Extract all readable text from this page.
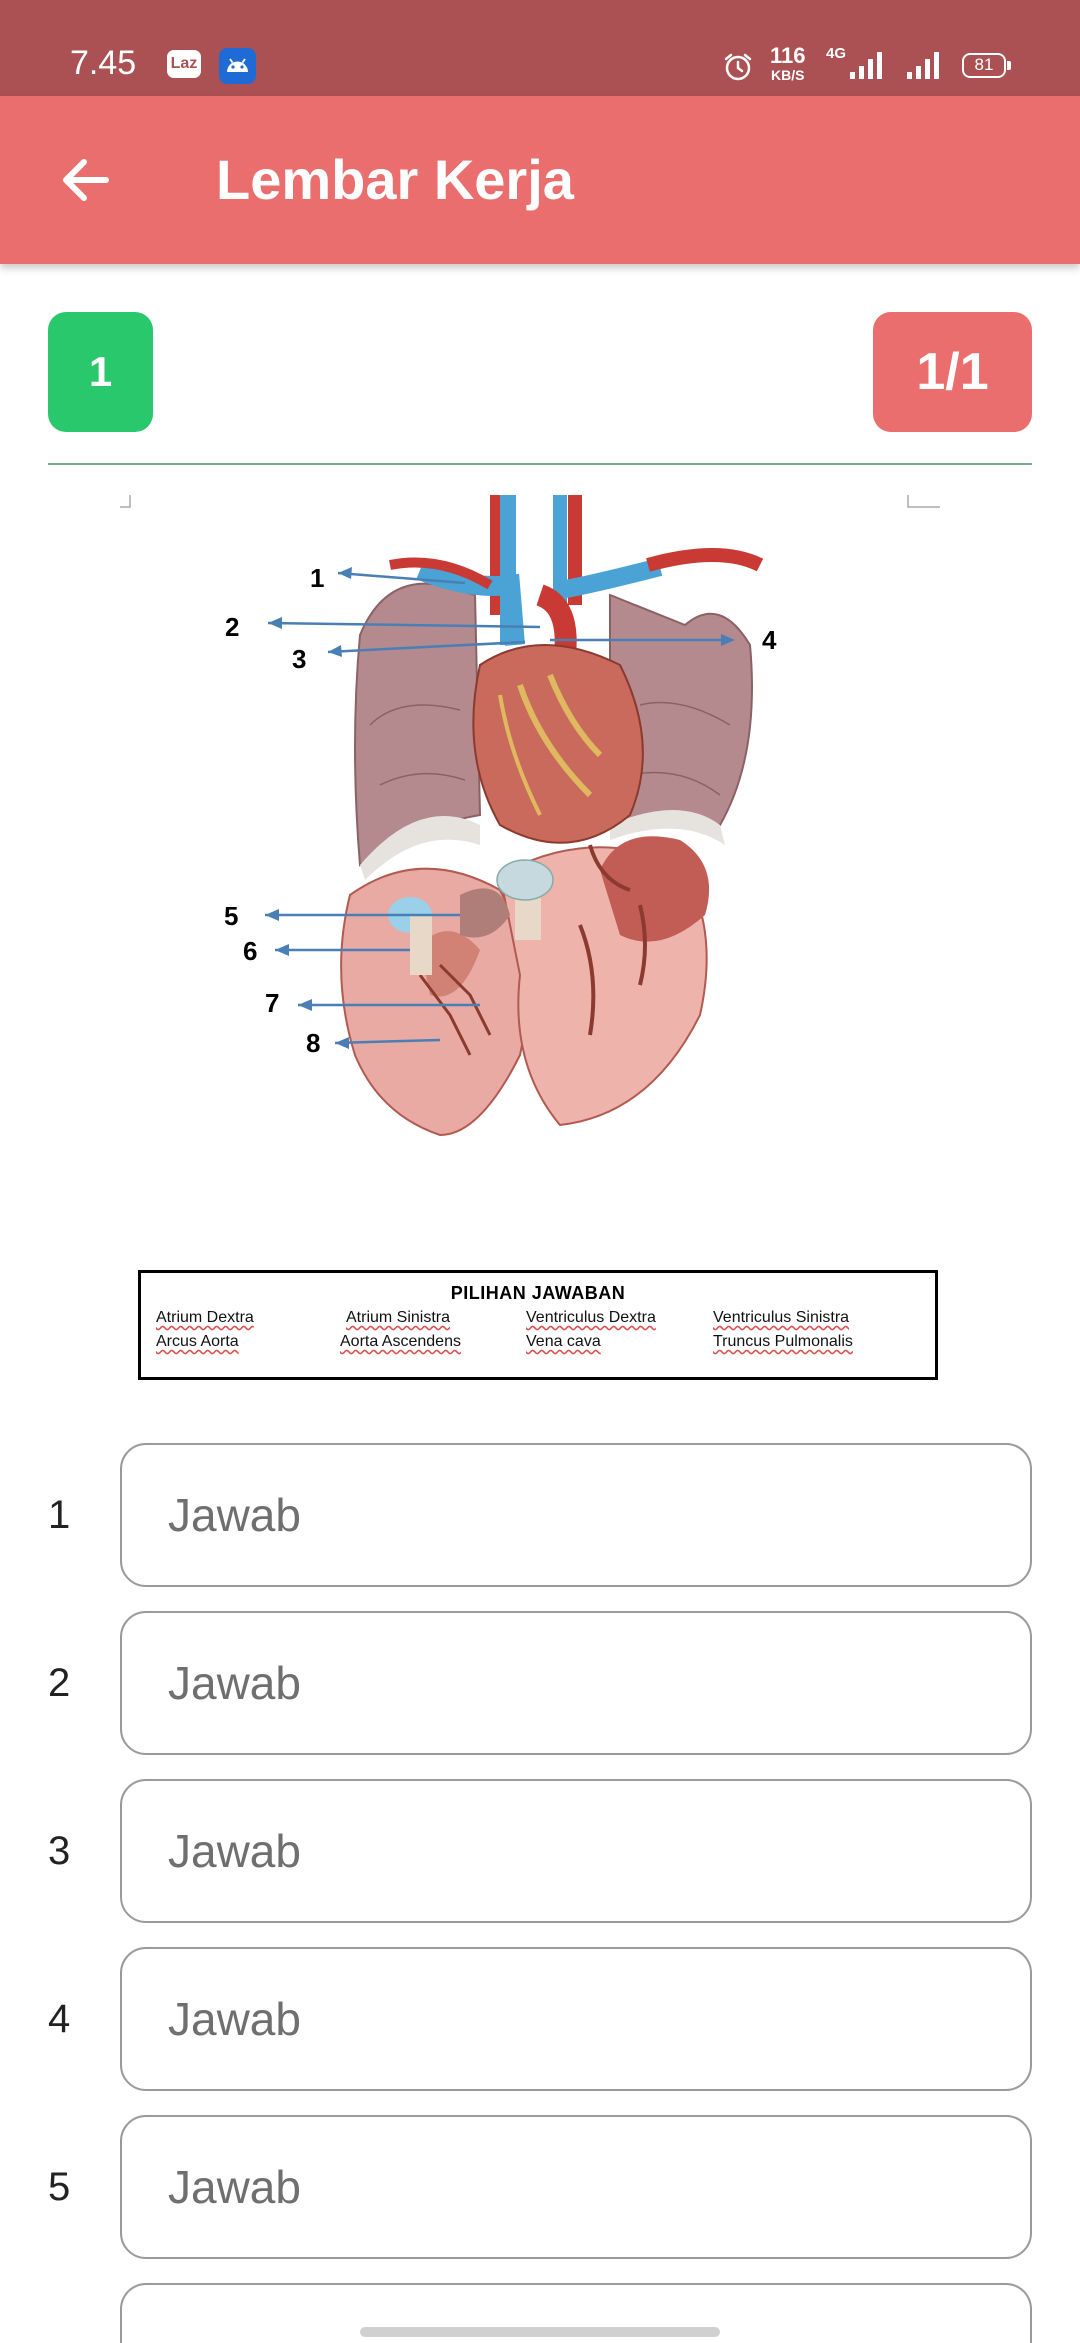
7.45 Laz	116
KB/S
4G
81
Lembar Kerja
1	1/1
1
2
3
4
5
6
7
8
PILIHAN JAWABAN
Atrium Dextra	Atrium Sinistra	Ventriculus Dextra	Ventriculus Sinistra
Arcus Aorta	Aorta Ascendens	Vena cava	Truncus Pulmonalis
1
Jawab
2
Jawab
3
Jawab
4
Jawab
5
Jawab
